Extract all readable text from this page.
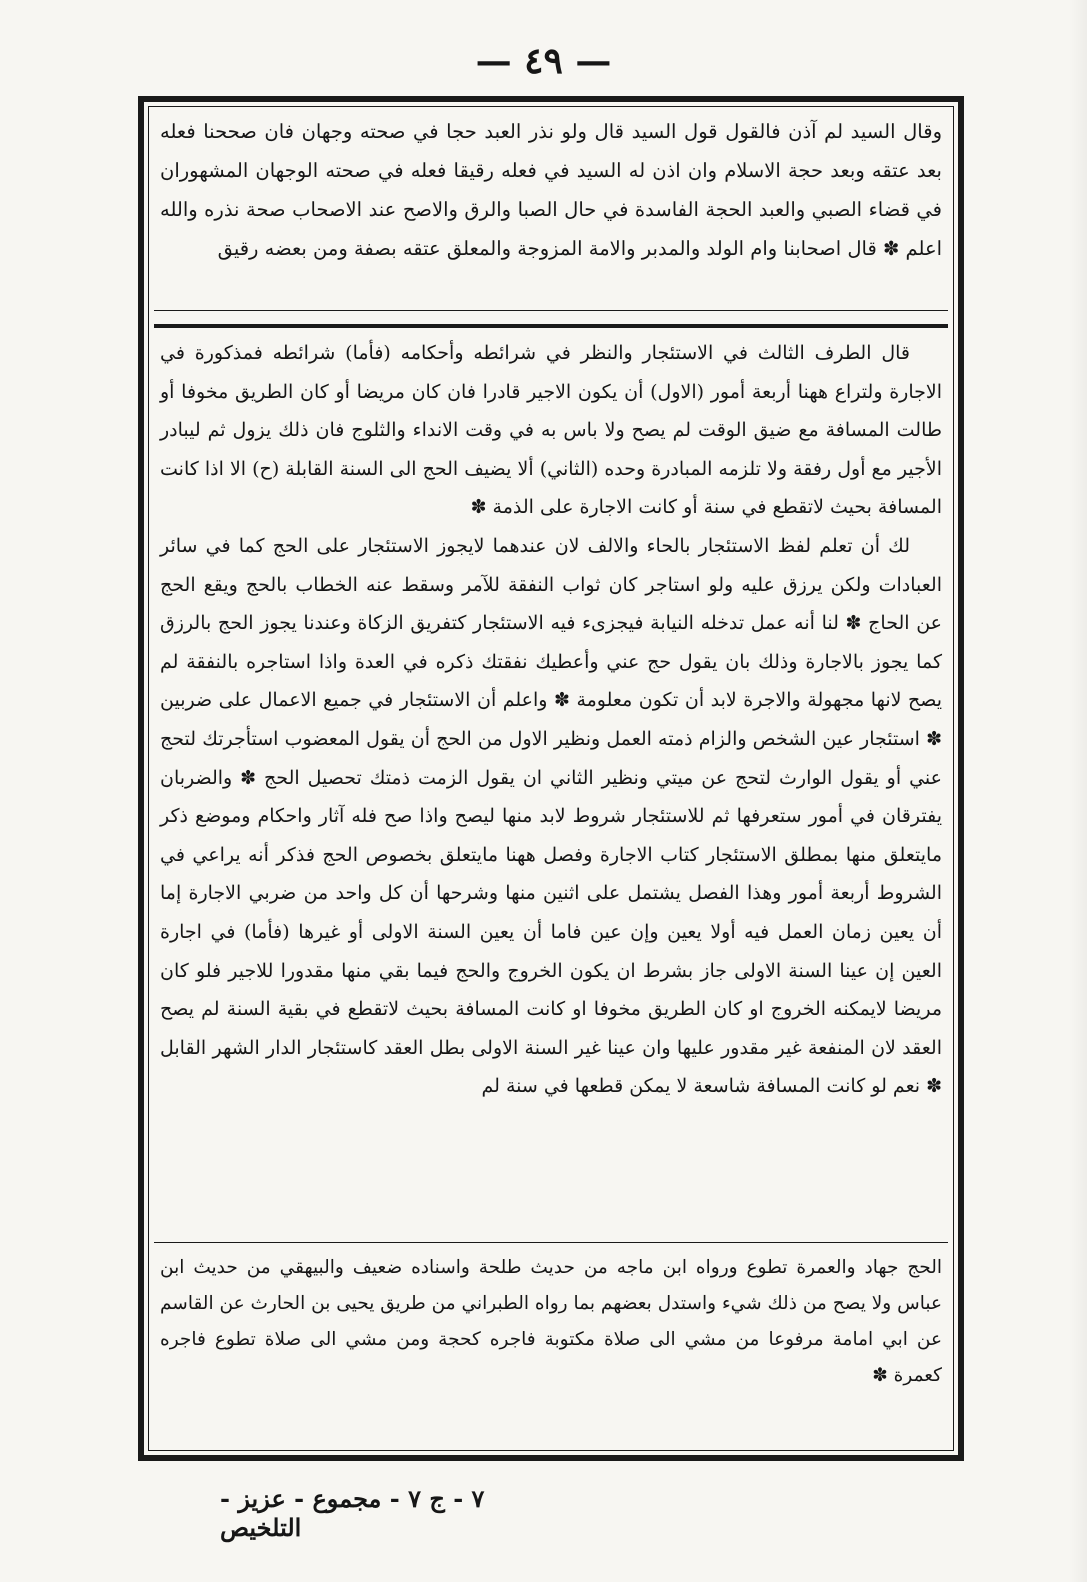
— ٤٩ —

وقال السيد لم آذن فالقول قول السيد قال ولو نذر العبد حجا في صحته وجهان فان صححنا فعله بعد عتقه وبعد حجة الاسلام وان اذن له السيد في فعله رقيقا فعله في صحته الوجهان المشهوران في قضاء الصبي والعبد الحجة الفاسدة في حال الصبا والرق والاصح عند الاصحاب صحة نذره والله اعلم ✽ قال اصحابنا وام الولد والمدبر والامة المزوجة والمعلق عتقه بصفة ومن بعضه رقيق

قال الطرف الثالث في الاستئجار والنظر في شرائطه وأحكامه (فأما) شرائطه فمذكورة في الاجارة ولتراع ههنا أربعة أمور (الاول) أن يكون الاجير قادرا فان كان مريضا أو كان الطريق مخوفا أو طالت المسافة مع ضيق الوقت لم يصح ولا باس به في وقت الانداء والثلوج فان ذلك يزول ثم ليبادر الأجير مع أول رفقة ولا تلزمه المبادرة وحده (الثاني) ألا يضيف الحج الى السنة القابلة (ح) الا اذا كانت المسافة بحيث لاتقطع في سنة أو كانت الاجارة على الذمة ✽

لك أن تعلم لفظ الاستئجار بالحاء والالف لان عندهما لايجوز الاستئجار على الحج كما في سائر العبادات ولكن يرزق عليه ولو استاجر كان ثواب النفقة للآمر وسقط عنه الخطاب بالحج ويقع الحج عن الحاج ✽ لنا أنه عمل تدخله النيابة فيجزىء فيه الاستئجار كتفريق الزكاة وعندنا يجوز الحج بالرزق كما يجوز بالاجارة وذلك بان يقول حج عني وأعطيك نفقتك ذكره في العدة واذا استاجره بالنفقة لم يصح لانها مجهولة والاجرة لابد أن تكون معلومة ✽ واعلم أن الاستئجار في جميع الاعمال على ضربين ✽ استئجار عين الشخص والزام ذمته العمل ونظير الاول من الحج أن يقول المعضوب استأجرتك لتحج عني أو يقول الوارث لتحج عن ميتي ونظير الثاني ان يقول الزمت ذمتك تحصيل الحج ✽ والضربان يفترقان في أمور ستعرفها ثم للاستئجار شروط لابد منها ليصح واذا صح فله آثار واحكام وموضع ذكر مايتعلق منها بمطلق الاستئجار كتاب الاجارة وفصل ههنا مايتعلق بخصوص الحج فذكر أنه يراعي في الشروط أربعة أمور وهذا الفصل يشتمل على اثنين منها وشرحها أن كل واحد من ضربي الاجارة إما أن يعين زمان العمل فيه أولا يعين وإن عين فاما أن يعين السنة الاولى أو غيرها (فأما) في اجارة العين إن عينا السنة الاولى جاز بشرط ان يكون الخروج والحج فيما بقي منها مقدورا للاجير فلو كان مريضا لايمكنه الخروج او كان الطريق مخوفا او كانت المسافة بحيث لاتقطع في بقية السنة لم يصح العقد لان المنفعة غير مقدور عليها وان عينا غير السنة الاولى بطل العقد كاستئجار الدار الشهر القابل ✽ نعم لو كانت المسافة شاسعة لا يمكن قطعها في سنة لم

الحج جهاد والعمرة تطوع ورواه ابن ماجه من حديث طلحة واسناده ضعيف والبيهقي من حديث ابن عباس ولا يصح من ذلك شيء واستدل بعضهم بما رواه الطبراني من طريق يحيى بن الحارث عن القاسم عن ابي امامة مرفوعا من مشي الى صلاة مكتوبة فاجره كحجة ومن مشي الى صلاة تطوع فاجره كعمرة ✽

٧ - ج ٧ - مجموع - عزيز - التلخيص
